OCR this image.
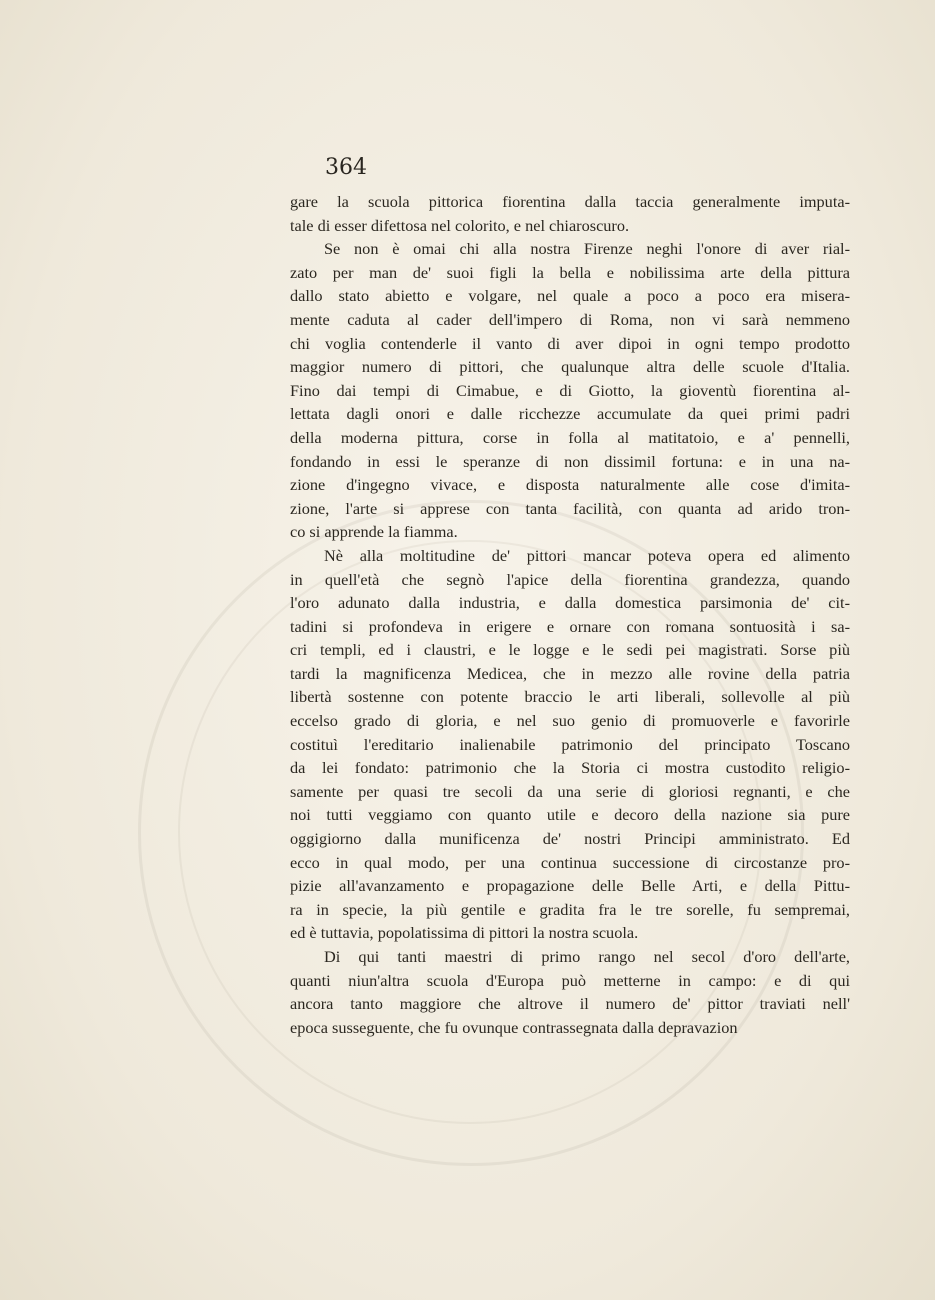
364
gare la scuola pittorica fiorentina dalla taccia generalmente imputa-
tale di esser difettosa nel colorito, e nel chiaroscuro.
Se non è omai chi alla nostra Firenze neghi l'onore di aver rial-
zato per man de' suoi figli la bella e nobilissima arte della pittura
dallo stato abietto e volgare, nel quale a poco a poco era misera-
mente caduta al cader dell'impero di Roma, non vi sarà nemmeno
chi voglia contenderle il vanto di aver dipoi in ogni tempo prodotto
maggior numero di pittori, che qualunque altra delle scuole d'Italia.
Fino dai tempi di Cimabue, e di Giotto, la gioventù fiorentina al-
lettata dagli onori e dalle ricchezze accumulate da quei primi padri
della moderna pittura, corse in folla al matitatoio, e a' pennelli,
fondando in essi le speranze di non dissimil fortuna: e in una na-
zione d'ingegno vivace, e disposta naturalmente alle cose d'imita-
zione, l'arte si apprese con tanta facilità, con quanta ad arido tron-
co si apprende la fiamma.
Nè alla moltitudine de' pittori mancar poteva opera ed alimento
in quell'età che segnò l'apice della fiorentina grandezza, quando
l'oro adunato dalla industria, e dalla domestica parsimonia de' cit-
tadini si profondeva in erigere e ornare con romana sontuosità i sa-
cri templi, ed i claustri, e le logge e le sedi pei magistrati. Sorse più
tardi la magnificenza Medicea, che in mezzo alle rovine della patria
libertà sostenne con potente braccio le arti liberali, sollevolle al più
eccelso grado di gloria, e nel suo genio di promuoverle e favorirle
costituì l'ereditario inalienabile patrimonio del principato Toscano
da lei fondato: patrimonio che la Storia ci mostra custodito religio-
samente per quasi tre secoli da una serie di gloriosi regnanti, e che
noi tutti veggiamo con quanto utile e decoro della nazione sia pure
oggigiorno dalla munificenza de' nostri Principi amministrato. Ed
ecco in qual modo, per una continua successione di circostanze pro-
pizie all'avanzamento e propagazione delle Belle Arti, e della Pittu-
ra in specie, la più gentile e gradita fra le tre sorelle, fu sempremai,
ed è tuttavia, popolatissima di pittori la nostra scuola.
Di qui tanti maestri di primo rango nel secol d'oro dell'arte,
quanti niun'altra scuola d'Europa può metterne in campo: e di qui
ancora tanto maggiore che altrove il numero de' pittor traviati nell'
epoca susseguente, che fu ovunque contrassegnata dalla depravazion
